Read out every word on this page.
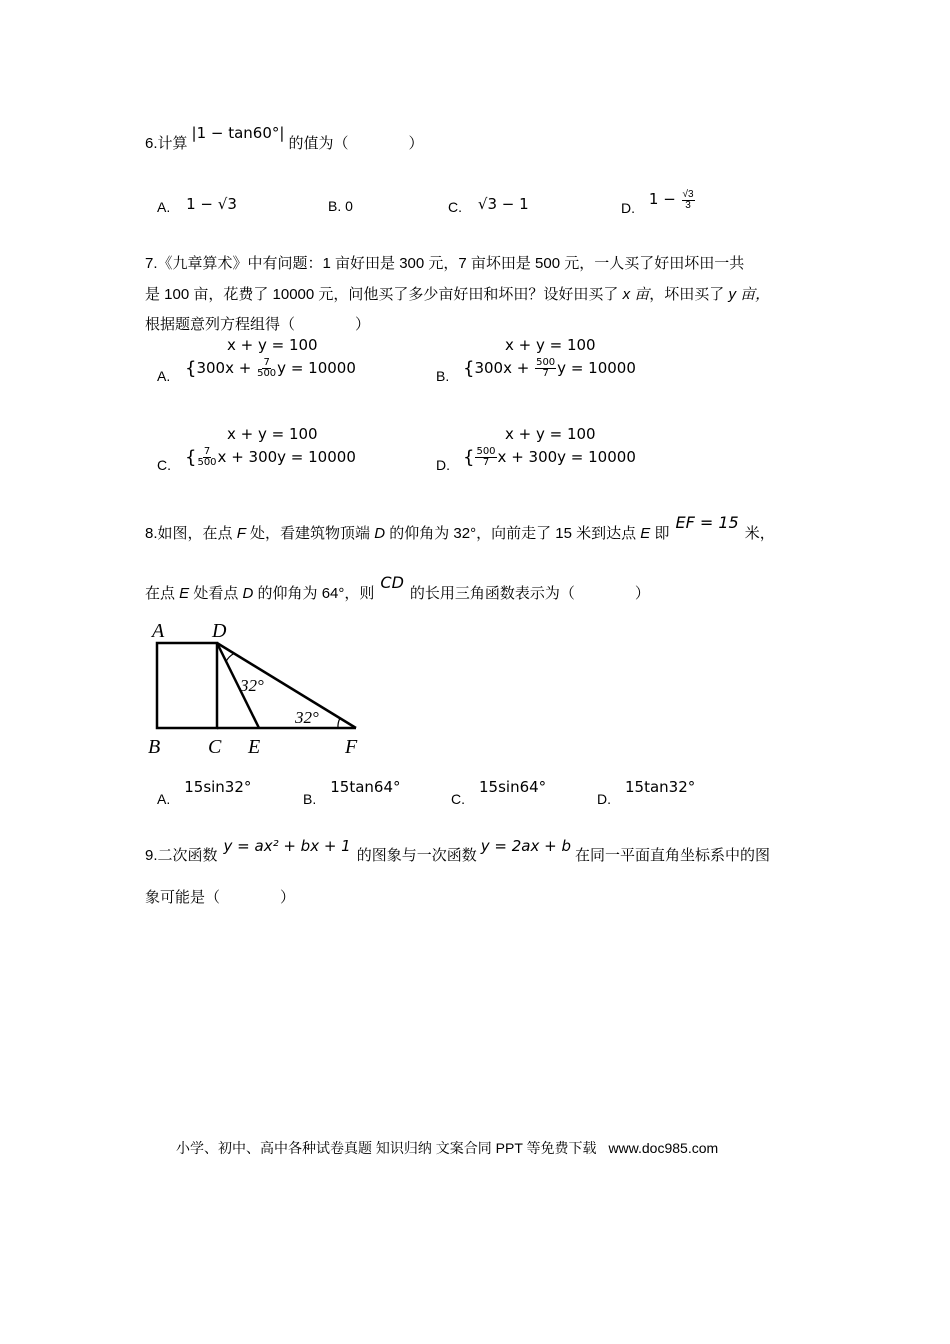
6.计算|1 − tan60°|的值为（　　　　）
A. 1 − √3	B. 0	C. √3 − 1	D. $1 - \frac{√3}{3}$
7.《九章算术》中有问题：1 亩好田是 300 元，7 亩坏田是 500 元，一人买了好田坏田一共
是 100 亩，花费了 10000 元，问他买了多少亩好田和坏田？设好田买了 x 亩，坏田买了 y 亩，
根据题意列方程组得（　　　　）
A.
x + y = 100
{$300x + \frac{7}{500}$ y = 10000	B.
x + y = 100
{$300x + \frac{500}{7}$ y = 10000
C.
x + y = 100
{ $\frac{7}{500}$ x + 300y = 10000	D.
x + y = 100
{ $\frac{500}{7}$ x + 300y = 10000
8.如图，在点 F 处，看建筑物顶端 D 的仰角为 32°，向前走了 15 米到达点 E 即EF = 15米，
在点 E 处看点 D 的仰角为 64°，则CD的长用三角函数表示为（　　　　）
A D
B C E	F
32°
32°
A.15sin32°
B.15tan64°
C.15sin64°
D.15tan32°
9.二次函数y = ax² + bx + 1的图象与一次函数y = 2ax + b在同一平面直角坐标系中的图
象可能是（　　　　）
小学、初中、高中各种试卷真题 知识归纳 文案合同 PPT 等免费下载 www.doc985.com
